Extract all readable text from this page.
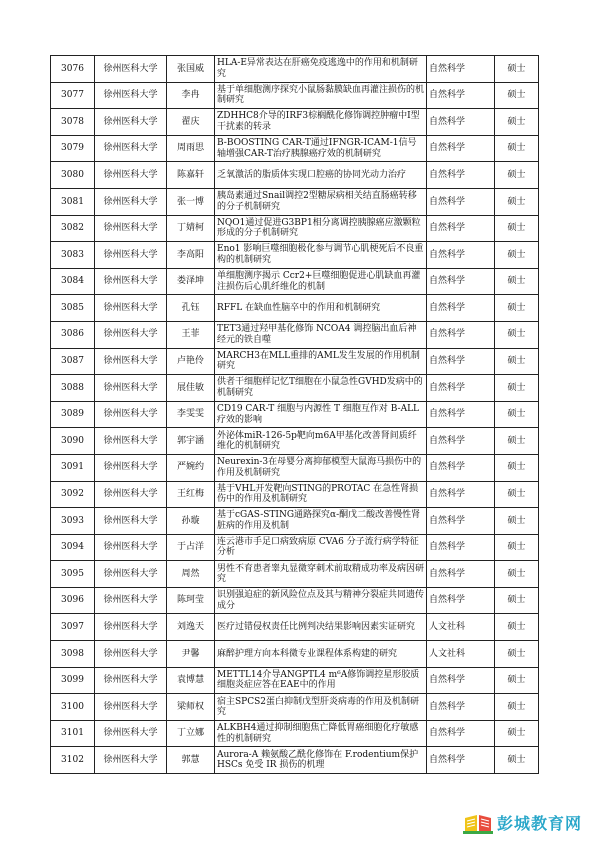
3076	徐州医科大学	张国威	HLA-E异常表达在肝癌免疫逃逸中的作用和机制研究	自然科学	硕士
3077	徐州医科大学	李冉	基于单细胞测序探究小鼠肠黏膜缺血再灌注损伤的机制研究	自然科学	硕士
3078	徐州医科大学	翟庆	ZDHHC8介导的IRF3棕榈酰化修饰调控肿瘤中I型干扰素的转录	自然科学	硕士
3079	徐州医科大学	周雨思	B-BOOSTING CAR-T通过IFNGR-ICAM-1信号轴增强CAR-T治疗胰腺癌疗效的机制研究	自然科学	硕士
3080	徐州医科大学	陈嘉轩	乏氧激活的脂质体实现口腔癌的协同光动力治疗	自然科学	硕士
3081	徐州医科大学	张一博	胰岛素通过Snail调控2型糖尿病相关结直肠癌转移的分子机制研究	自然科学	硕士
3082	徐州医科大学	丁婧柯	NQO1通过促进G3BP1相分离调控胰腺癌应激颗粒形成的分子机制研究	自然科学	硕士
3083	徐州医科大学	李高阳	Eno1 影响巨噬细胞极化参与调节心肌梗死后不良重构的机制研究	自然科学	硕士
3084	徐州医科大学	娄泽坤	单细胞测序揭示 Ccr2+巨噬细胞促进心肌缺血再灌注损伤后心肌纤维化的机制	自然科学	硕士
3085	徐州医科大学	孔钰	RFFL 在缺血性脑卒中的作用和机制研究	自然科学	硕士
3086	徐州医科大学	王菲	TET3通过羟甲基化修饰 NCOA4 调控脑出血后神经元的铁自噬	自然科学	硕士
3087	徐州医科大学	卢艳伶	MARCH3在MLL重排的AML发生发展的作用机制研究	自然科学	硕士
3088	徐州医科大学	展佳敏	供者干细胞样记忆T细胞在小鼠急性GVHD发病中的机制研究	自然科学	硕士
3089	徐州医科大学	李雯雯	CD19 CAR-T 细胞与内源性 T 细胞互作对 B-ALL 疗效的影响	自然科学	硕士
3090	徐州医科大学	郭宇涵	外泌体miR-126-5p靶向m6A甲基化改善肾间质纤维化的机制研究	自然科学	硕士
3091	徐州医科大学	严婉约	Neurexin-3在母婴分离抑郁模型大鼠海马损伤中的作用及机制研究	自然科学	硕士
3092	徐州医科大学	王红梅	基于VHL开发靶向STING的PROTAC 在急性肾损伤中的作用及机制研究	自然科学	硕士
3093	徐州医科大学	孙璇	基于cGAS-STING通路探究α-酮戊二酸改善慢性肾脏病的作用及机制	自然科学	硕士
3094	徐州医科大学	于占洋	连云港市手足口病致病原 CVA6 分子流行病学特征分析	自然科学	硕士
3095	徐州医科大学	周然	男性不育患者睾丸显微穿刺术前取精成功率及病因研究	自然科学	硕士
3096	徐州医科大学	陈珂莹	识别强迫症的新风险位点及其与精神分裂症共同遗传成分	自然科学	硕士
3097	徐州医科大学	刘逸天	医疗过错侵权责任比例判决结果影响因素实证研究	人文社科	硕士
3098	徐州医科大学	尹馨	麻醉护理方向本科微专业课程体系构建的研究	人文社科	硕士
3099	徐州医科大学	袁博慧	METTL14介导ANGPTL4 m⁶A修饰调控星形胶质细胞炎症应答在EAE中的作用	自然科学	硕士
3100	徐州医科大学	梁师权	宿主SPCS2蛋白抑制戊型肝炎病毒的作用及机制研究	自然科学	硕士
3101	徐州医科大学	丁立娜	ALKBH4通过抑制细胞焦亡降低胃癌细胞化疗敏感性的机制研究	自然科学	硕士
3102	徐州医科大学	郭慧	Aurora-A 赖氨酸乙酰化修饰在 F.rodentium保护 HSCs 免受 IR 损伤的机理	自然科学	硕士
彭城教育网
